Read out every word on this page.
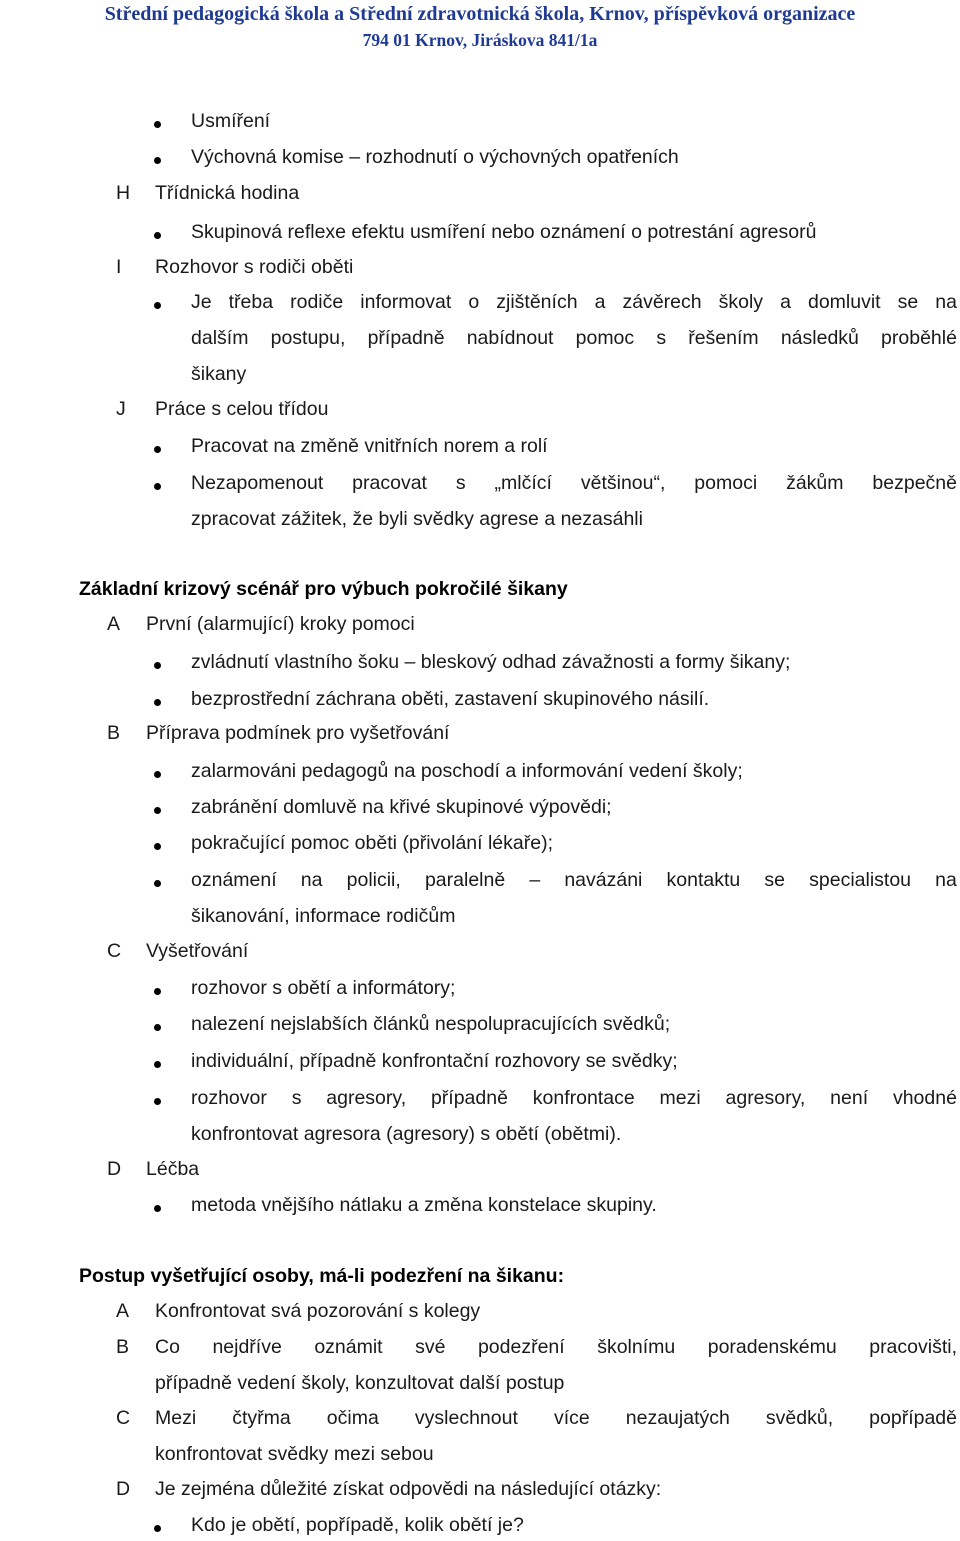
Střední pedagogická škola a Střední zdravotnická škola, Krnov, příspěvková organizace
794 01 Krnov, Jiráskova 841/1a
Usmíření
Výchovná komise – rozhodnutí o výchovných opatřeních
H Třídnická hodina
Skupinová reflexe efektu usmíření nebo oznámení o potrestání agresorů
I Rozhovor s rodiči oběti
Je třeba rodiče informovat o zjištěních a závěrech školy a domluvit se na
dalším postupu, případně nabídnout pomoc s řešením následků proběhlé
šikany
J Práce s celou třídou
Pracovat na změně vnitřních norem a rolí
Nezapomenout pracovat s „mlčící většinou“, pomoci žákům bezpečně
zpracovat zážitek, že byli svědky agrese a nezasáhli
Základní krizový scénář pro výbuch pokročilé šikany
A První (alarmující) kroky pomoci
zvládnutí vlastního šoku – bleskový odhad závažnosti a formy šikany;
bezprostřední záchrana oběti, zastavení skupinového násilí.
B Příprava podmínek pro vyšetřování
zalarmováni pedagogů na poschodí a informování vedení školy;
zabránění domluvě na křivé skupinové výpovědi;
pokračující pomoc oběti (přivolání lékaře);
oznámení na policii, paralelně – navázáni kontaktu se specialistou na
šikanování, informace rodičům
C Vyšetřování
rozhovor s obětí a informátory;
nalezení nejslabších článků nespolupracujících svědků;
individuální, případně konfrontační rozhovory se svědky;
rozhovor s agresory, případně konfrontace mezi agresory, není vhodné
konfrontovat agresora (agresory) s obětí (obětmi).
D Léčba
metoda vnějšího nátlaku a změna konstelace skupiny.
Postup vyšetřující osoby, má-li podezření na šikanu:
A Konfrontovat svá pozorování s kolegy
B Co nejdříve oznámit své podezření školnímu poradenskému pracovišti,
případně vedení školy, konzultovat další postup
C Mezi čtyřma očima vyslechnout více nezaujatých svědků, popřípadě
konfrontovat svědky mezi sebou
D Je zejména důležité získat odpovědi na následující otázky:
Kdo je obětí, popřípadě, kolik obětí je?
